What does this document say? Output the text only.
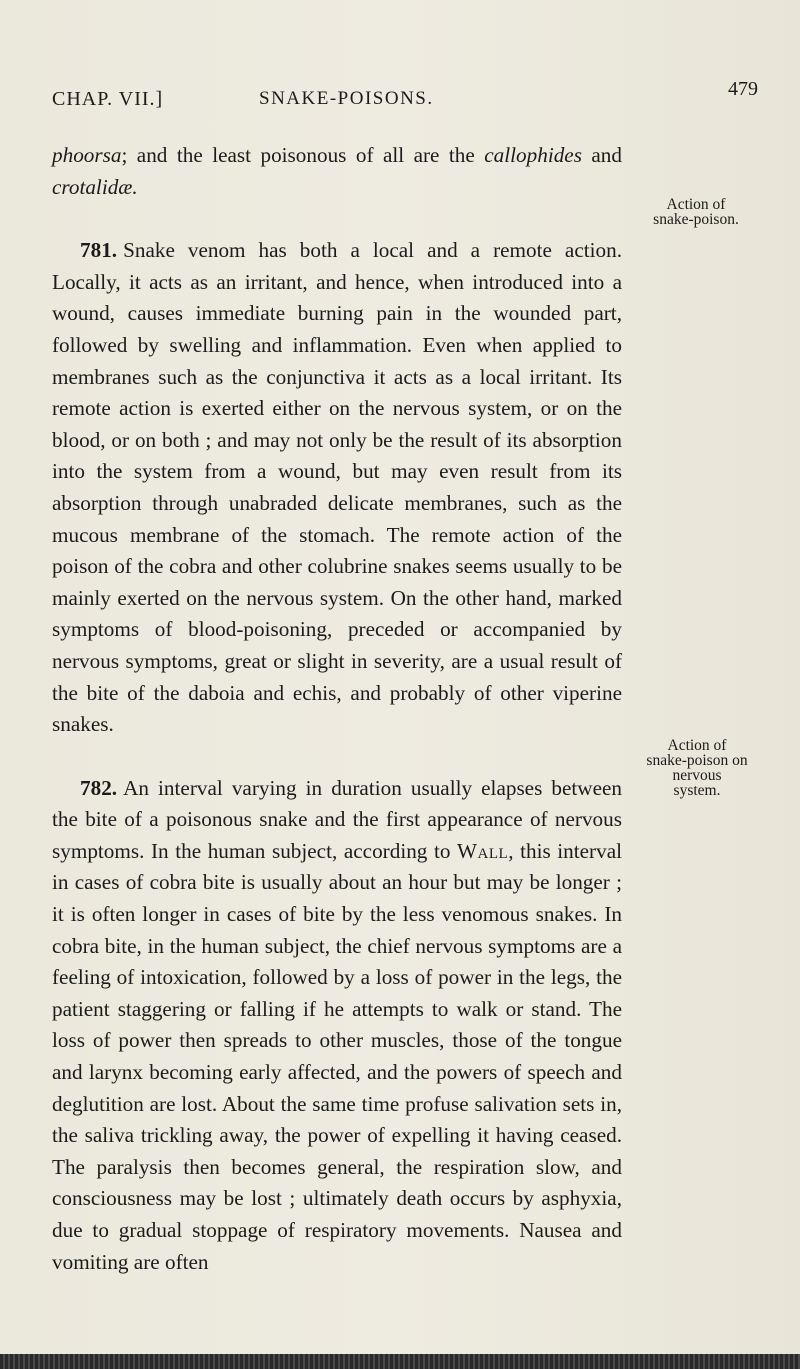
CHAP. VII.]	SNAKE-POISONS.	479

phoorsa; and the least poisonous of all are the callophides and crotalidæ.

781. Snake venom has both a local and a remote action. Locally, it acts as an irritant, and hence, when introduced into a wound, causes immediate burning pain in the wounded part, followed by swelling and inflammation. Even when applied to membranes such as the conjunctiva it acts as a local irritant. Its remote action is exerted either on the nervous system, or on the blood, or on both ; and may not only be the result of its absorption into the system from a wound, but may even result from its absorption through unabraded delicate membranes, such as the mucous membrane of the stomach. The remote action of the poison of the cobra and other colubrine snakes seems usually to be mainly exerted on the nervous system. On the other hand, marked symptoms of blood-poisoning, preceded or accompanied by nervous symptoms, great or slight in severity, are a usual result of the bite of the daboia and echis, and probably of other viperine snakes.

782. An interval varying in duration usually elapses between the bite of a poisonous snake and the first appearance of nervous symptoms. In the human subject, according to Wall, this interval in cases of cobra bite is usually about an hour but may be longer ; it is often longer in cases of bite by the less venomous snakes. In cobra bite, in the human subject, the chief nervous symptoms are a feeling of intoxication, followed by a loss of power in the legs, the patient staggering or falling if he attempts to walk or stand. The loss of power then spreads to other muscles, those of the tongue and larynx becoming early affected, and the powers of speech and deglutition are lost. About the same time profuse salivation sets in, the saliva trickling away, the power of expelling it having ceased. The paralysis then becomes general, the respiration slow, and consciousness may be lost ; ultimately death occurs by asphyxia, due to gradual stoppage of respiratory movements. Nausea and vomiting are often

Action of
snake-poison.
Action of
snake-poison on
nervous
system.
